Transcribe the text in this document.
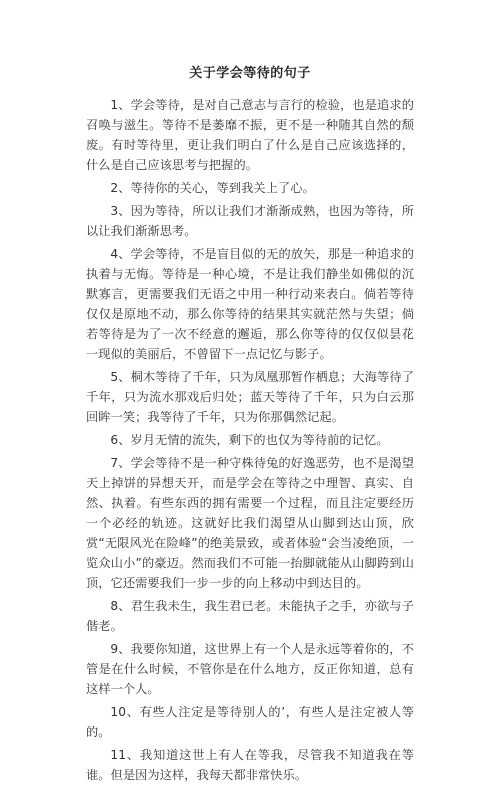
关于学会等待的句子

1、学会等待，是对自己意志与言行的检验，也是追求的召唤与滋生。等待不是萎靡不振，更不是一种随其自然的颓废。有时等待里，更让我们明白了什么是自己应该选择的，什么是自己应该思考与把握的。

2、等待你的关心，等到我关上了心。

3、因为等待，所以让我们才渐渐成熟，也因为等待，所以让我们渐渐思考。

4、学会等待，不是盲目似的无的放矢，那是一种追求的执着与无悔。等待是一种心境，不是让我们静坐如佛似的沉默寡言，更需要我们无语之中用一种行动来表白。倘若等待仅仅是原地不动，那么你等待的结果其实就茫然与失望；倘若等待是为了一次不经意的邂逅，那么你等待的仅仅似昙花一现似的美丽后，不曾留下一点记忆与影子。

5、桐木等待了千年，只为凤凰那暂作栖息；大海等待了千年，只为流水那戏后归处；蓝天等待了千年，只为白云那回眸一笑；我等待了千年，只为你那偶然记起。

6、岁月无情的流失，剩下的也仅为等待前的记忆。

7、学会等待不是一种守株待兔的好逸恶劳，也不是渴望天上掉饼的异想天开，而是学会在等待之中理智、真实、自然、执着。有些东西的拥有需要一个过程，而且注定要经历一个必经的轨迹。这就好比我们渴望从山脚到达山顶，欣赏“无限风光在险峰”的绝美景致，或者体验“会当凌绝顶，一览众山小”的豪迈。然而我们不可能一抬脚就能从山脚跨到山顶，它还需要我们一步一步的向上移动中到达目的。

8、君生我未生，我生君已老。未能执子之手，亦欲与子偕老。

9、我要你知道，这世界上有一个人是永远等着你的，不管是在什么时候，不管你是在什么地方，反正你知道，总有这样一个人。

10、有些人注定是等待别人的’，有些人是注定被人等的。

11、我知道这世上有人在等我，尽管我不知道我在等谁。但是因为这样，我每天都非常快乐。
